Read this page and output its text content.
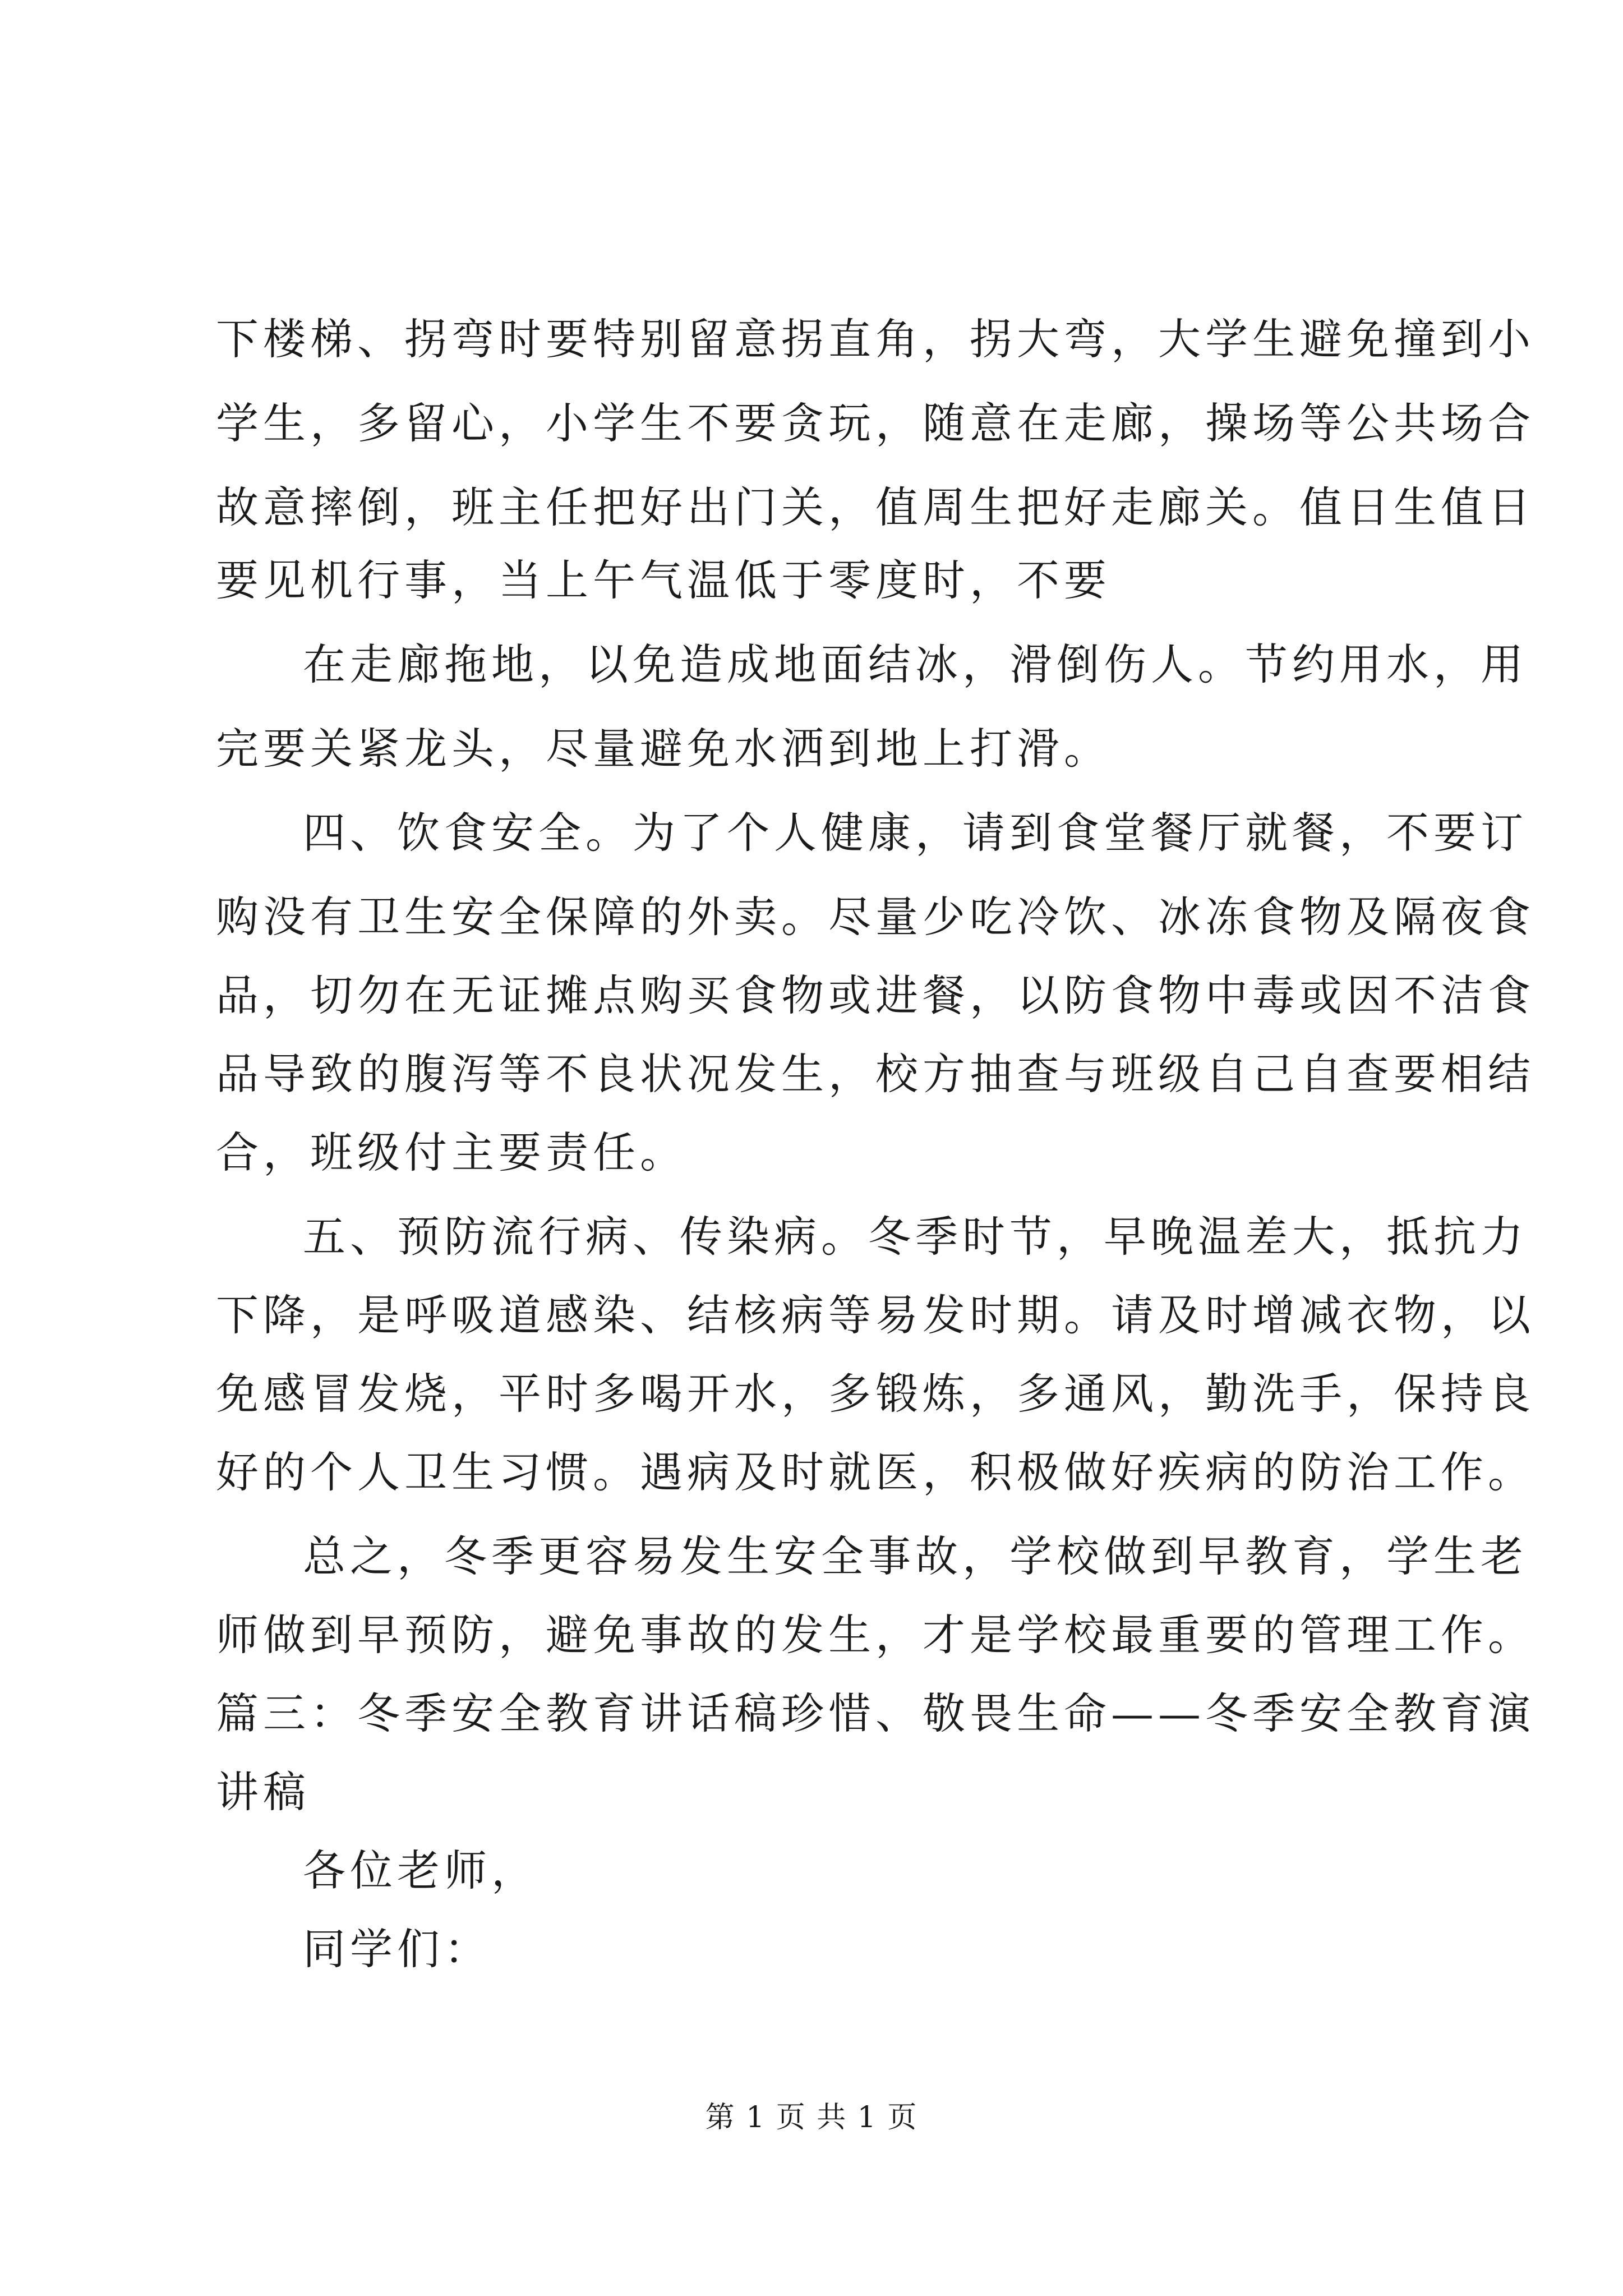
下楼梯、拐弯时要特别留意拐直角，拐大弯，大学生避免撞到小
学生，多留心，小学生不要贪玩，随意在走廊，操场等公共场合
故意摔倒，班主任把好出门关，值周生把好走廊关。值日生值日
要见机行事，当上午气温低于零度时，不要
在走廊拖地，以免造成地面结冰，滑倒伤人。节约用水，用
完要关紧龙头，尽量避免水洒到地上打滑。
四、饮食安全。为了个人健康，请到食堂餐厅就餐，不要订
购没有卫生安全保障的外卖。尽量少吃冷饮、冰冻食物及隔夜食
品，切勿在无证摊点购买食物或进餐，以防食物中毒或因不洁食
品导致的腹泻等不良状况发生，校方抽查与班级自己自查要相结
合，班级付主要责任。
五、预防流行病、传染病。冬季时节，早晚温差大，抵抗力
下降，是呼吸道感染、结核病等易发时期。请及时增减衣物，以
免感冒发烧，平时多喝开水，多锻炼，多通风，勤洗手，保持良
好的个人卫生习惯。遇病及时就医，积极做好疾病的防治工作。
总之，冬季更容易发生安全事故，学校做到早教育，学生老
师做到早预防，避免事故的发生，才是学校最重要的管理工作。
篇三：冬季安全教育讲话稿珍惜、敬畏生命——冬季安全教育演
讲稿
各位老师，
同学们：
第 1 页 共 1 页
